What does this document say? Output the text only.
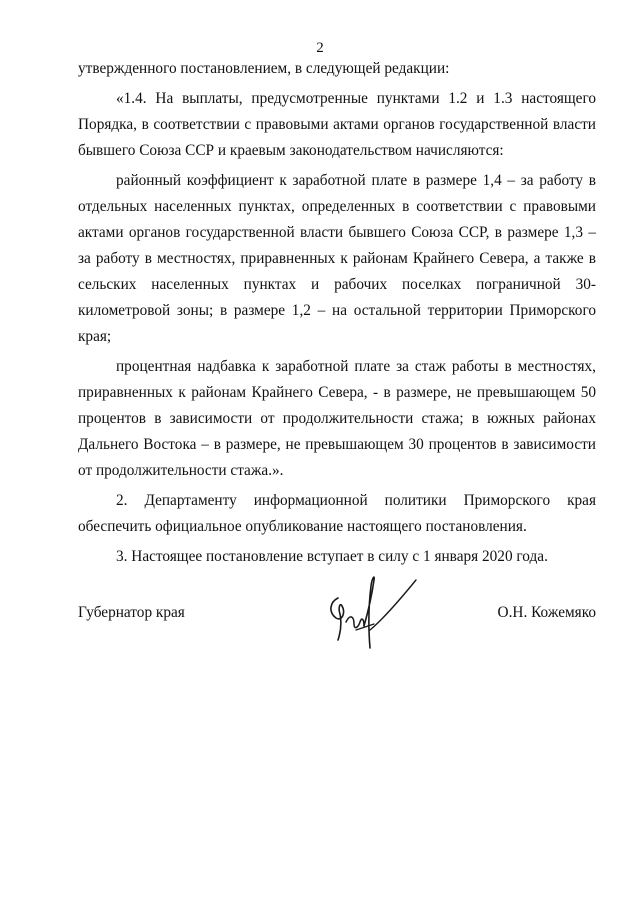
2

утвержденного постановлением, в следующей редакции:

«1.4. На выплаты, предусмотренные пунктами 1.2 и 1.3 настоящего Порядка, в соответствии с правовыми актами органов государственной власти бывшего Союза ССР и краевым законодательством начисляются:

районный коэффициент к заработной плате в размере 1,4 – за работу в отдельных населенных пунктах, определенных в соответствии с правовыми актами органов государственной власти бывшего Союза ССР, в размере 1,3 – за работу в местностях, приравненных к районам Крайнего Севера, а также в сельских населенных пунктах и рабочих поселках пограничной 30-километровой зоны; в размере 1,2 – на остальной территории Приморского края;

процентная надбавка к заработной плате за стаж работы в местностях, приравненных к районам Крайнего Севера, - в размере, не превышающем 50 процентов в зависимости от продолжительности стажа; в южных районах Дальнего Востока – в размере, не превышающем 30 процентов в зависимости от продолжительности стажа.».

2. Департаменту информационной политики Приморского края обеспечить официальное опубликование настоящего постановления.

3. Настоящее постановление вступает в силу с 1 января 2020 года.

Губернатор края	О.Н. Кожемяко
